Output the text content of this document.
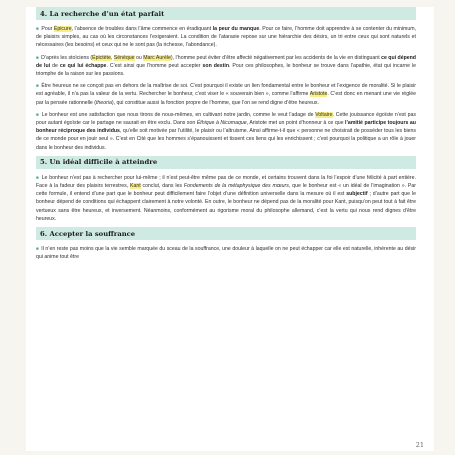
4. La recherche d’un état parfait

■ Pour Épicure, l’absence de troubles dans l’âme commence en éradiquant la peur du manque. Pour ce faire, l’homme doit apprendre à se contenter du minimum, de plaisirs simples, au cas où les circonstances l’exigeraient. La condition de l’ataraxie repose sur une hiérarchie des désirs, un tri entre ceux qui sont naturels et nécessaires (les besoins) et ceux qui ne le sont pas (la richesse, l’abondance).

■ D’après les stoïciens (Épictète, Sénèque ou Marc Aurèle), l’homme peut éviter d’être affecté négativement par les accidents de la vie en distinguant ce qui dépend de lui de ce qui lui échappe. C’est ainsi que l’homme peut accepter son destin. Pour ces philosophes, le bonheur se trouve dans l’apathie, état qui incarne le triomphe de la raison sur les passions.

■ Être heureux ne se conçoit pas en dehors de la maîtrise de soi. C’est pourquoi il existe un lien fondamental entre le bonheur et l’exigence de moralité. Si le plaisir est agréable, il n’a pas la valeur de la vertu. Rechercher le bonheur, c’est viser le « souverain bien », comme l’affirme Aristote. C’est donc en menant une vie réglée par la pensée rationnelle (theoria), qui constitue aussi la fonction propre de l’homme, que l’on se rend digne d’être heureux.

■ Le bonheur est une satisfaction que nous tirons de nous-mêmes, en cultivant notre jardin, comme le veut l’adage de Voltaire. Cette jouissance égoïste n’est pas pour autant égoïste car le partage ne saurait en être exclu. Dans son Éthique à Nicomaque, Aristote met un point d’honneur à ce que l’amitié participe toujours au bonheur réciproque des individus, qu’elle soit motivée par l’utilité, le plaisir ou l’altruisme. Ainsi affirme-t-il que « personne ne choisirait de posséder tous les biens de ce monde pour en jouir seul ». C’est en Cité que les hommes s’épanouissent et tissent ces liens qui les enrichissent ; c’est pourquoi la politique a un rôle à jouer dans le bonheur des individus.

5. Un idéal difficile à atteindre

■ Le bonheur n’est pas à rechercher pour lui-même ; il n’est peut-être même pas de ce monde, et certains trouvent dans la foi l’espoir d’une félicité à part entière. Face à la fadeur des plaisirs terrestres, Kant conclut, dans les Fondements de la métaphysique des mœurs, que le bonheur est « un idéal de l’imagination ». Par cette formule, il entend d’une part que le bonheur peut difficilement faire l’objet d’une définition universelle dans la mesure où il est subjectif ; d’autre part que le bonheur dépend de conditions qui échappent clairement à notre volonté. En outre, le bonheur ne dépend pas de la moralité pour Kant, puisqu’on peut tout à fait être vertueux sans être heureux, et inversement. Néanmoins, conformément au rigorisme moral du philosophe allemand, c’est la vertu qui nous rend dignes d’être heureux.

6. Accepter la souffrance

■ Il n’en reste pas moins que la vie semble marquée du sceau de la souffrance, une douleur à laquelle on ne peut échapper car elle est naturelle, inhérente au désir qui anime tout être

21
